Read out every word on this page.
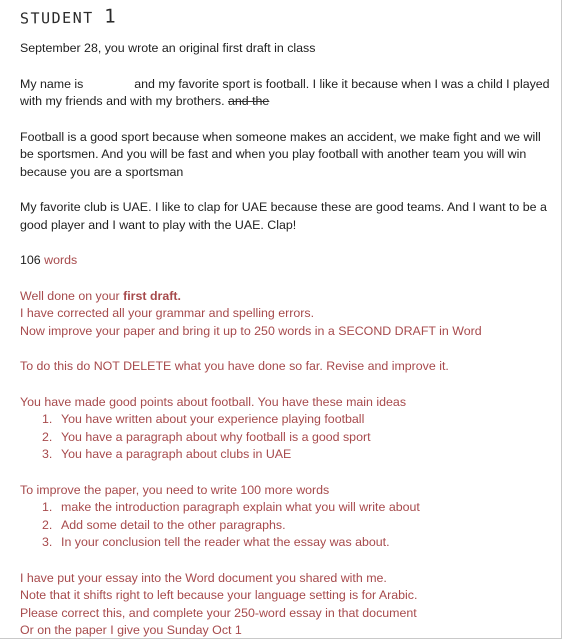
STUDENT 1

September 28, you wrote an original first draft in class

My name is	and my favorite sport is football. I like it because when I was a child I played with my friends and with my brothers. and the

Football is a good sport because when someone makes an accident, we make fight and we will be sportsmen. And you will be fast and when you play football with another team you will win because you are a sportsman

My favorite club is UAE. I like to clap for UAE because these are good teams. And I want to be a good player and I want to play with the UAE. Clap!

106 words

Well done on your first draft.

I have corrected all your grammar and spelling errors.

Now improve your paper and bring it up to 250 words in a SECOND DRAFT in Word

To do this do NOT DELETE what you have done so far. Revise and improve it.

You have made good points about football. You have these main ideas

1. You have written about your experience playing football
2. You have a paragraph about why football is a good sport
3. You have a paragraph about clubs in UAE

To improve the paper, you need to write 100 more words

1. make the introduction paragraph explain what you will write about
2. Add some detail to the other paragraphs.
3. In your conclusion tell the reader what the essay was about.

I have put your essay into the Word document you shared with me.

Note that it shifts right to left because your language setting is for Arabic.

Please correct this, and complete your 250-word essay in that document

Or on the paper I give you Sunday Oct 1
